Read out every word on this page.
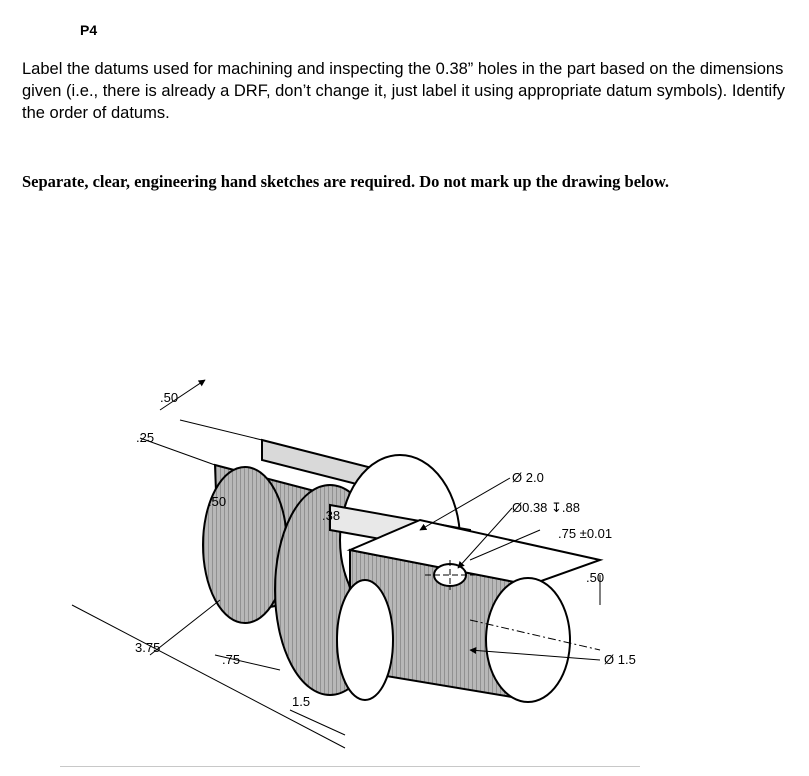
P4
Label the datums used for machining and inspecting the 0.38” holes in the part based on the dimensions given (i.e., there is already a DRF, don’t change it, just label it using appropriate datum symbols). Identify the order of datums.
Separate, clear, engineering hand sketches are required. Do not mark up the drawing below.
.50
.25
.50
.38
Ø 2.0
Ø0.38 ↧.88
.75 ±0.01
.50
3.75
.75
1.5
Ø 1.5
